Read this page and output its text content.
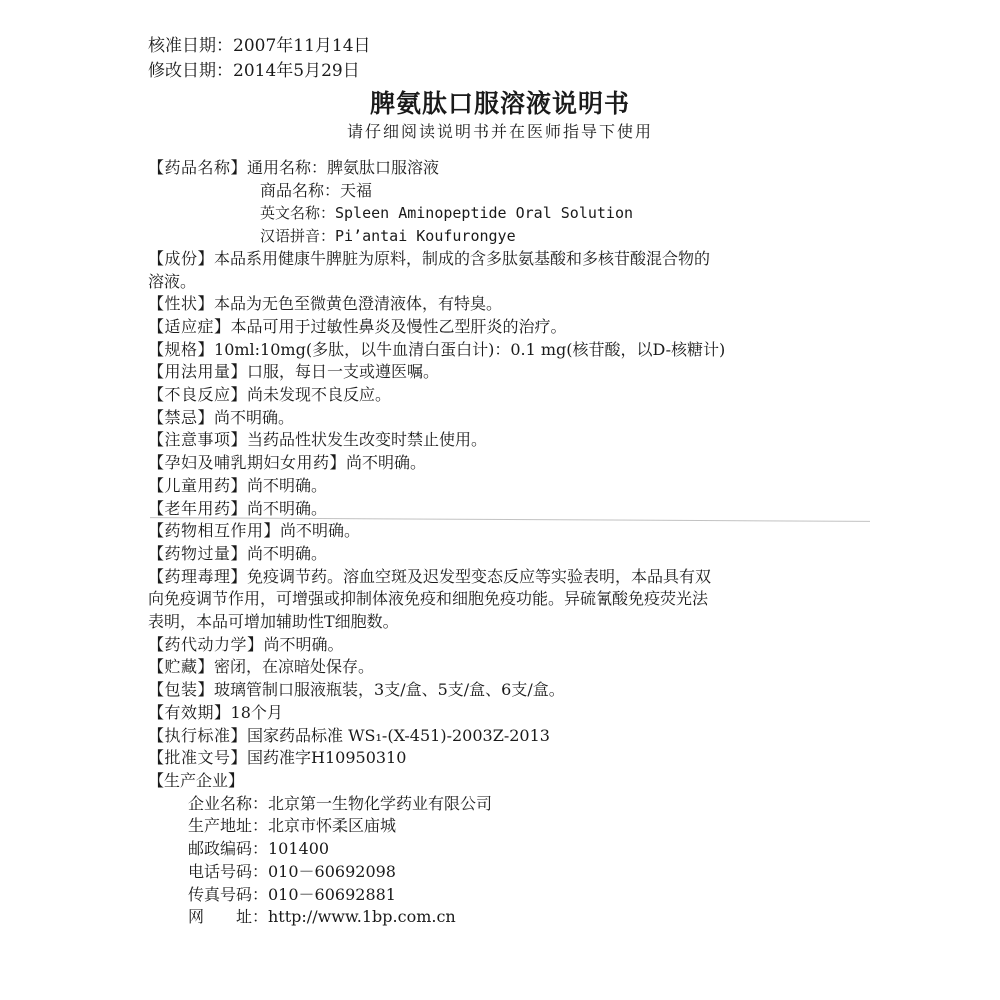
核准日期：2007年11月14日
修改日期：2014年5月29日
脾氨肽口服溶液说明书
请仔细阅读说明书并在医师指导下使用
【药品名称】通用名称：脾氨肽口服溶液
商品名称：天福
英文名称：Spleen Aminopeptide Oral Solution
汉语拼音：Pi’antai Koufurongye
【成份】本品系用健康牛脾脏为原料，制成的含多肽氨基酸和多核苷酸混合物的
溶液。
【性状】本品为无色至微黄色澄清液体，有特臭。
【适应症】本品可用于过敏性鼻炎及慢性乙型肝炎的治疗。
【规格】10ml:10mg(多肽，以牛血清白蛋白计)：0.1 mg(核苷酸，以D-核糖计)
【用法用量】口服，每日一支或遵医嘱。
【不良反应】尚未发现不良反应。
【禁忌】尚不明确。
【注意事项】当药品性状发生改变时禁止使用。
【孕妇及哺乳期妇女用药】尚不明确。
【儿童用药】尚不明确。
【老年用药】尚不明确。
【药物相互作用】尚不明确。
【药物过量】尚不明确。
【药理毒理】免疫调节药。溶血空斑及迟发型变态反应等实验表明，本品具有双
向免疫调节作用，可增强或抑制体液免疫和细胞免疫功能。异硫氰酸免疫荧光法
表明，本品可增加辅助性T细胞数。
【药代动力学】尚不明确。
【贮藏】密闭，在凉暗处保存。
【包装】玻璃管制口服液瓶装，3支/盒、5支/盒、6支/盒。
【有效期】18个月
【执行标准】国家药品标准 WS₁-(X-451)-2003Z-2013
【批准文号】国药准字H10950310
【生产企业】
企业名称：北京第一生物化学药业有限公司
生产地址：北京市怀柔区庙城
邮政编码：101400
电话号码：010－60692098
传真号码：010－60692881
网　　址：http://www.1bp.com.cn
